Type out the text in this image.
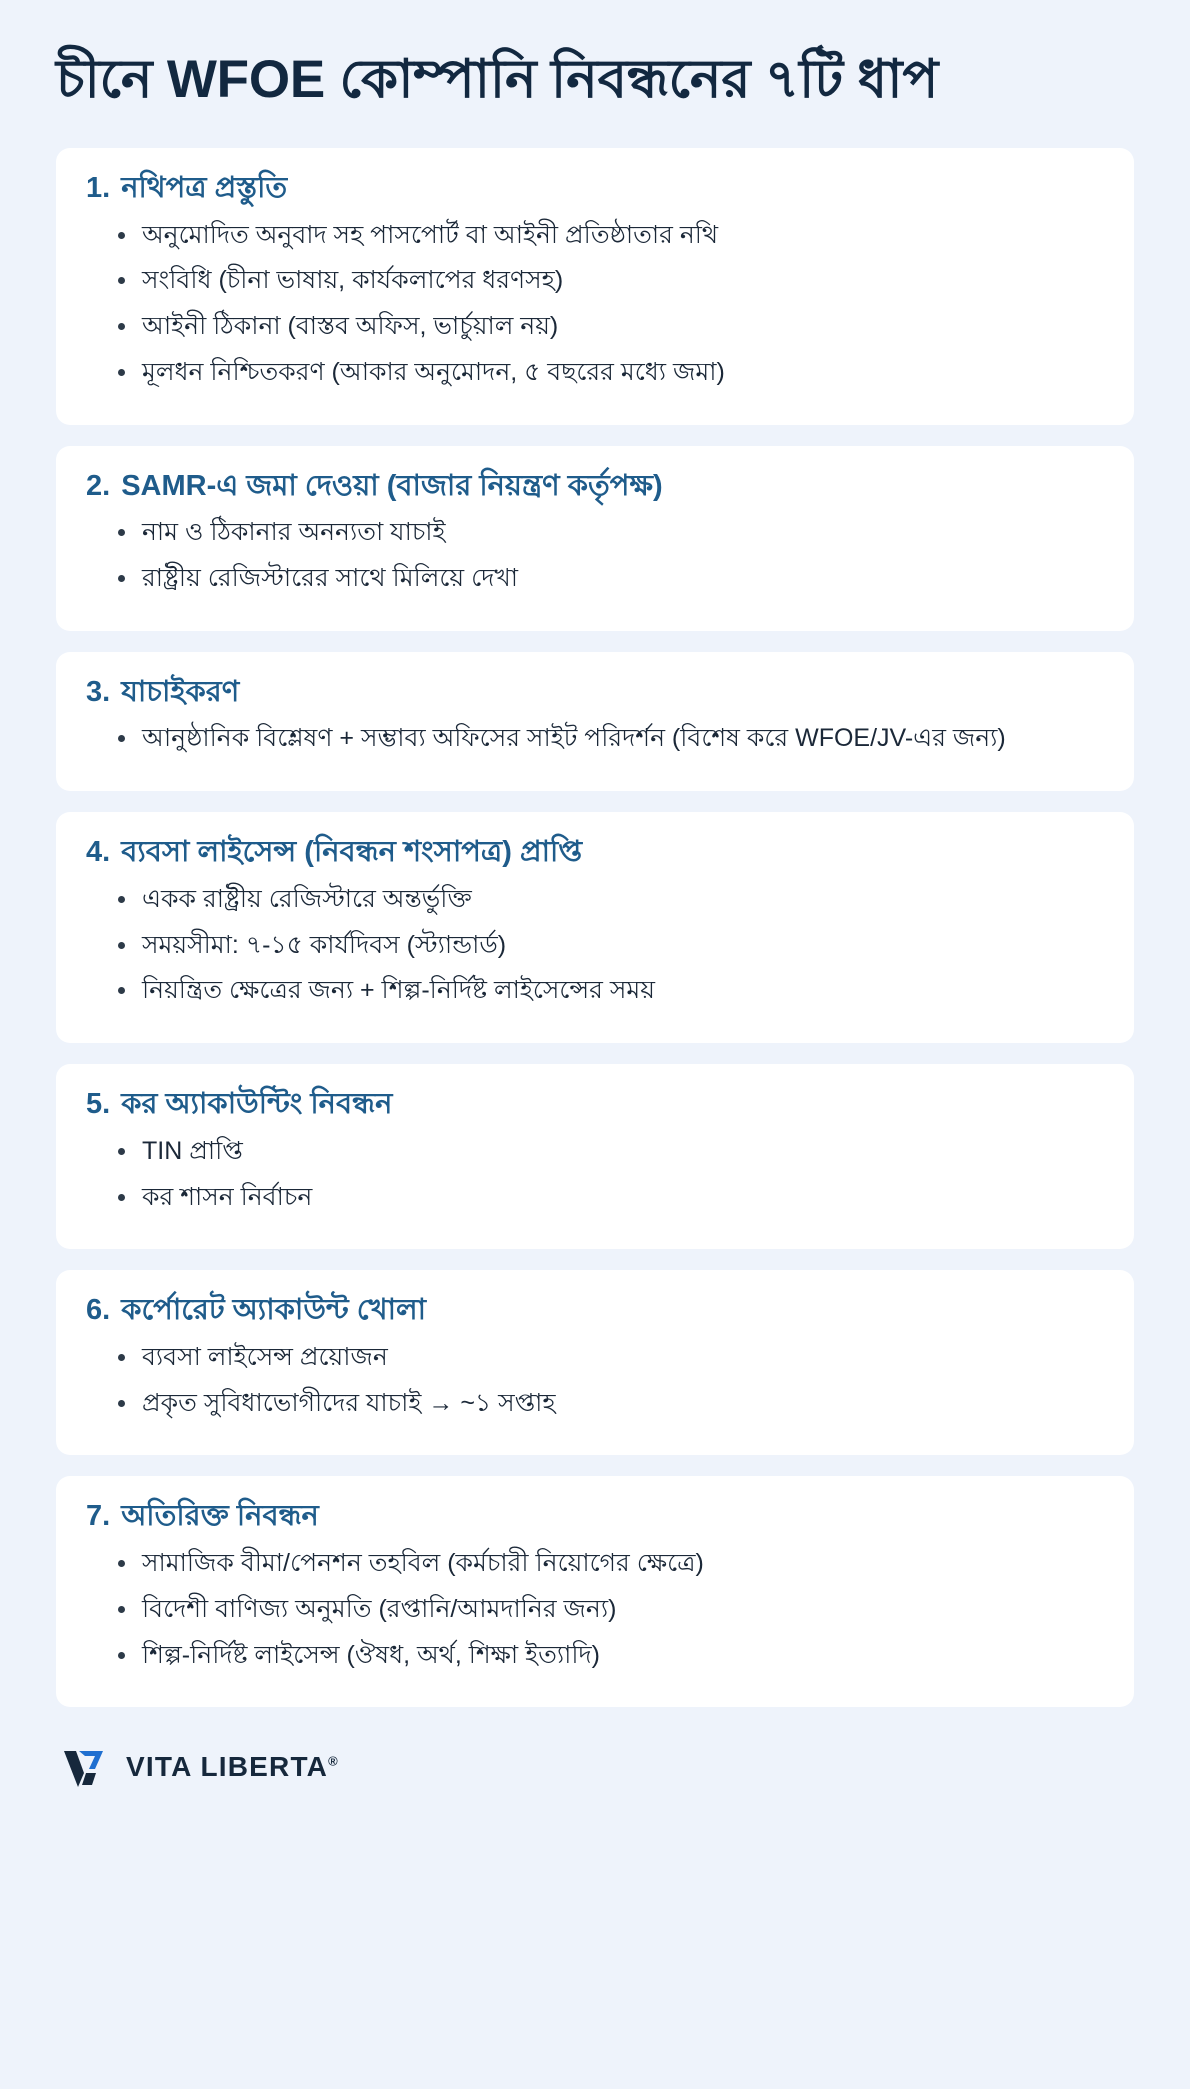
চীনে WFOE কোম্পানি নিবন্ধনের ৭টি ধাপ
1. নথিপত্র প্রস্তুতি
অনুমোদিত অনুবাদ সহ পাসপোর্ট বা আইনী প্রতিষ্ঠাতার নথি
সংবিধি (চীনা ভাষায়, কার্যকলাপের ধরণসহ)
আইনী ঠিকানা (বাস্তব অফিস, ভার্চুয়াল নয়)
মূলধন নিশ্চিতকরণ (আকার অনুমোদন, ৫ বছরের মধ্যে জমা)
2. SAMR-এ জমা দেওয়া (বাজার নিয়ন্ত্রণ কর্তৃপক্ষ)
নাম ও ঠিকানার অনন্যতা যাচাই
রাষ্ট্রীয় রেজিস্টারের সাথে মিলিয়ে দেখা
3. যাচাইকরণ
আনুষ্ঠানিক বিশ্লেষণ + সম্ভাব্য অফিসের সাইট পরিদর্শন (বিশেষ করে WFOE/JV-এর জন্য)
4. ব্যবসা লাইসেন্স (নিবন্ধন শংসাপত্র) প্রাপ্তি
একক রাষ্ট্রীয় রেজিস্টারে অন্তর্ভুক্তি
সময়সীমা: ৭-১৫ কার্যদিবস (স্ট্যান্ডার্ড)
নিয়ন্ত্রিত ক্ষেত্রের জন্য + শিল্প-নির্দিষ্ট লাইসেন্সের সময়
5. কর অ্যাকাউন্টিং নিবন্ধন
TIN প্রাপ্তি
কর শাসন নির্বাচন
6. কর্পোরেট অ্যাকাউন্ট খোলা
ব্যবসা লাইসেন্স প্রয়োজন
প্রকৃত সুবিধাভোগীদের যাচাই → ~১ সপ্তাহ
7. অতিরিক্ত নিবন্ধন
সামাজিক বীমা/পেনশন তহবিল (কর্মচারী নিয়োগের ক্ষেত্রে)
বিদেশী বাণিজ্য অনুমতি (রপ্তানি/আমদানির জন্য)
শিল্প-নির্দিষ্ট লাইসেন্স (ঔষধ, অর্থ, শিক্ষা ইত্যাদি)
VITA LIBERTA®
